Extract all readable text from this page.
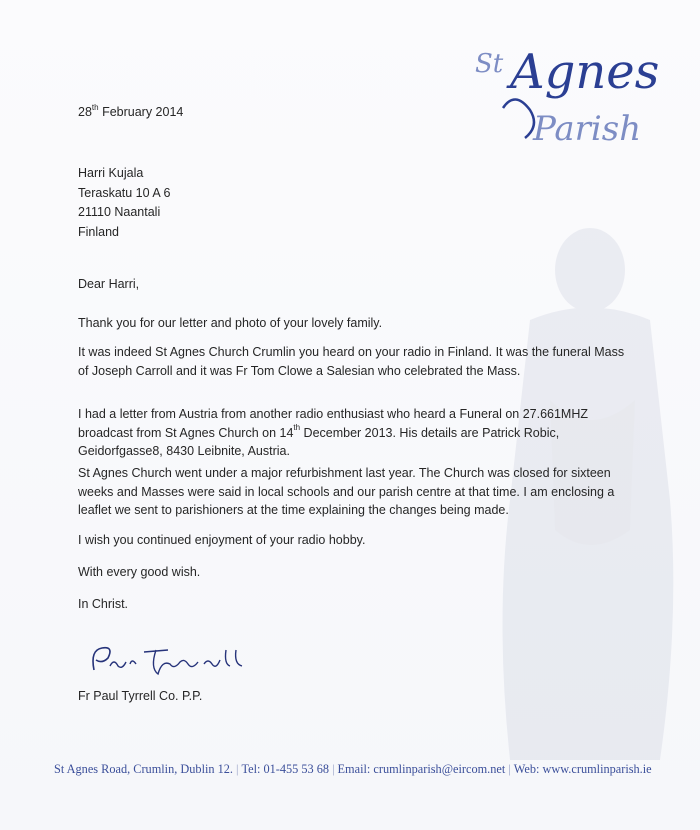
St Agnes
Parish
28th February 2014
Harri Kujala
Teraskatu 10 A 6
21110 Naantali
Finland
Dear Harri,
Thank you for our letter and photo of your lovely family.
It was indeed St Agnes Church Crumlin you heard on your radio in Finland. It was the funeral Mass
of Joseph Carroll and it was Fr Tom Clowe a Salesian who celebrated the Mass.
I had a letter from Austria from another radio enthusiast who heard a Funeral on 27.661MHZ
broadcast from St Agnes Church on 14th December 2013. His details are Patrick Robic,
Geidorfgasse8, 8430 Leibnite, Austria.
St Agnes Church went under a major refurbishment last year. The Church was closed for sixteen
weeks and Masses were said in local schools and our parish centre at that time. I am enclosing a
leaflet we sent to parishioners at the time explaining the changes being made.
I wish you continued enjoyment of your radio hobby.
With every good wish.
In Christ.
Fr Paul Tyrrell Co. P.P.
St Agnes Road, Crumlin, Dublin 12. | Tel: 01-455 53 68 | Email: crumlinparish@eircom.net | Web: www.crumlinparish.ie
